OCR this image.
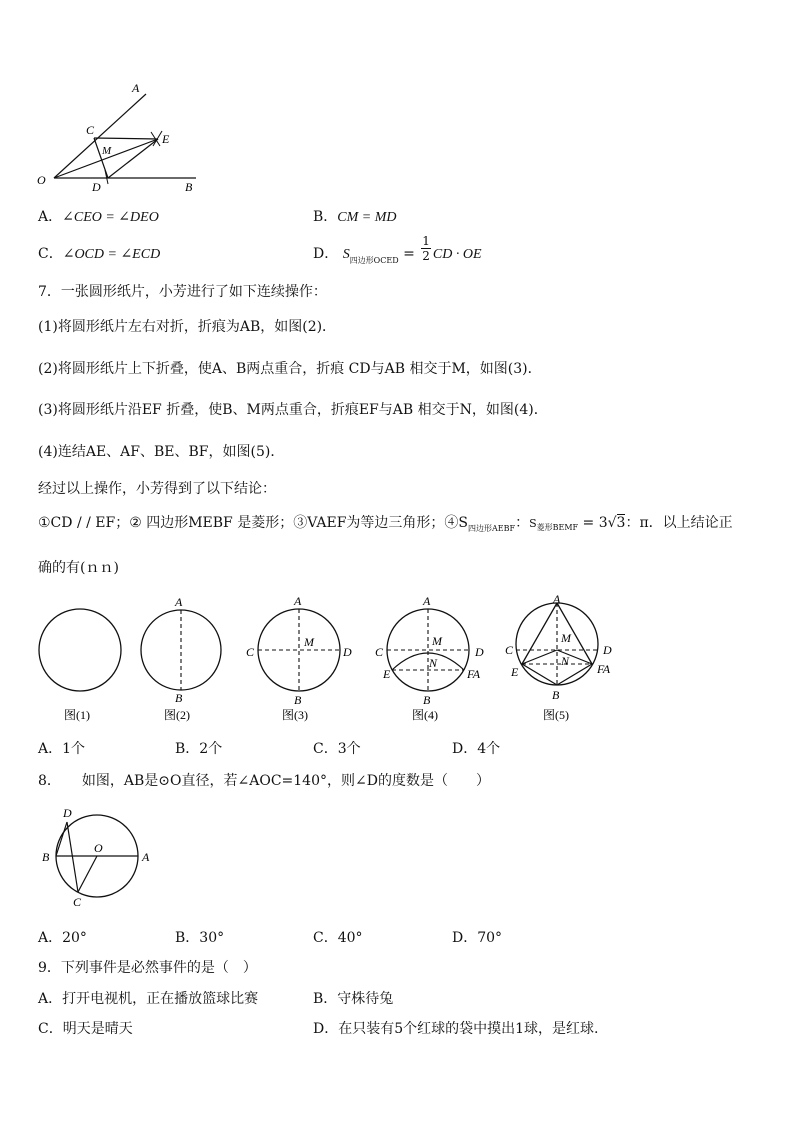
A
C
M
E
O	D	B
A．∠CEO = ∠DEO	B．CM = MD
C．∠OCD = ∠ECD	D． $S_{四边形OCED} = \frac{1}{2}$ CD · OE
7．一张圆形纸片，小芳进行了如下连续操作：
(1)将圆形纸片左右对折，折痕为AB，如图(2)．
(2)将圆形纸片上下折叠，使A、B两点重合，折痕 CD与AB 相交于M，如图(3)．
(3)将圆形纸片沿EF 折叠，使B、M两点重合，折痕EF与AB 相交于N，如图(4)．
(4)连结AE、AF、BE、BF，如图(5)．
经过以上操作，小芳得到了以下结论：
①CD / / EF；② 四边形MEBF 是菱形；③VAEF为等边三角形；$④S_{四边形AEBF}$：$S_{菱形BEMF} = 3√3$：π．以上结论正
确的有(ｎｎ)
A
B
A
M
C	D
B
A
M
N
C	D
E	FA
B
A
M
N
C	D
E	FA
B
图(1)	图(2)	图(3)	图(4)	图(5)
A．1个	B．2个	C．3个	D．4个
8．　　如图，AB是⊙O直径，若∠AOC=140°，则∠D的度数是（　　）
D
B
O
A
C
A．20°	B．30°	C．40°	D．70°
9．下列事件是必然事件的是（　）
A．打开电视机，正在播放篮球比赛	B．守株待兔
C．明天是晴天	D．在只装有5个红球的袋中摸出1球，是红球.
